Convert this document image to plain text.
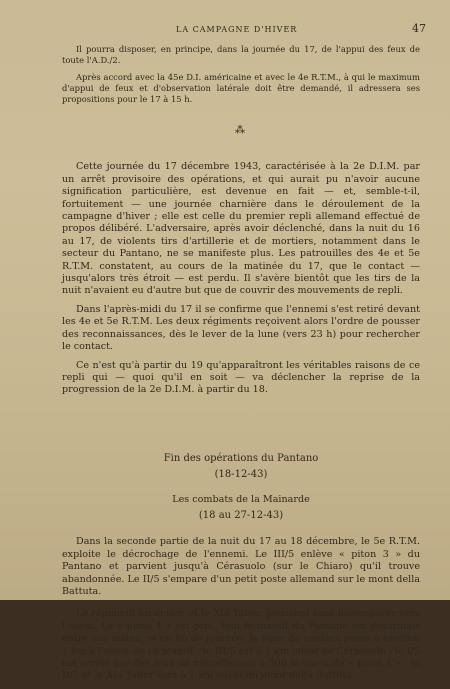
LA CAMPAGNE D'HIVER	47

Il pourra disposer, en principe, dans la journée du 17, de l'appui des feux de toute l'A.D./2.

Après accord avec la 45e D.I. américaine et avec le 4e R.T.M., à qui le maximum d'appui de feux et d'observation latérale doit être demandé, il adressera ses propositions pour le 17 à 15 h.

⁂

Cette journée du 17 décembre 1943, caractérisée à la 2e D.I.M. par un arrêt provisoire des opérations, et qui aurait pu n'avoir aucune signification particulière, est devenue en fait — et, semble-t-il, fortuitement — une journée charnière dans le déroulement de la campagne d'hiver ; elle est celle du premier repli allemand effectué de propos délibéré. L'adversaire, après avoir déclenché, dans la nuit du 16 au 17, de violents tirs d'artillerie et de mortiers, notamment dans le secteur du Pantano, ne se manifeste plus. Les patrouilles des 4e et 5e R.T.M. constatent, au cours de la matinée du 17, que le contact — jusqu'alors très étroit — est perdu. Il s'avère bientôt que les tirs de la nuit n'avaient eu d'autre but que de couvrir des mouvements de repli.

Dans l'après-midi du 17 il se confirme que l'ennemi s'est retiré devant les 4e et 5e R.T.M. Les deux régiments reçoivent alors l'ordre de pousser des reconnaissances, dès le lever de la lune (vers 23 h) pour rechercher le contact.

Ce n'est qu'à partir du 19 qu'apparaîtront les véritables raisons de ce repli qui — quoi qu'il en soit — va déclencher la reprise de la progression de la 2e D.I.M. à partir du 18.

Fin des opérations du Pantano

(18-12-43)

Les combats de la Mainarde

(18 au 27-12-43)

Dans la seconde partie de la nuit du 17 au 18 décembre, le 5e R.T.M. exploite le décrochage de l'ennemi. Le III/5 enlève « piton 3 » du Pantano et parvient jusqu'à Cérasuolo (sur le Chiaro) qu'il trouve abandonnée. Le II/5 s'empare d'un petit poste allemand sur le mont della Battuta.

Le régiment en entier, et le XIe Tabor, poussent sans désemparer vers l'ouest. Le « piton 4 » est pris. Tout le massif du Pantano est désormais entre nos mains, et en fin de journée, la ligne de contact passe à environ 1 km à l'ouest de ce massif : le III/5 est à 1 km ouest de Cérasuolo ; le I/5 est arrêté par des feux de mitrailleuses à 500 m ouest de « piton 4 » ; le II/5 et le XIe Tabor sont à 1 km ouest du mont della Battuta.
